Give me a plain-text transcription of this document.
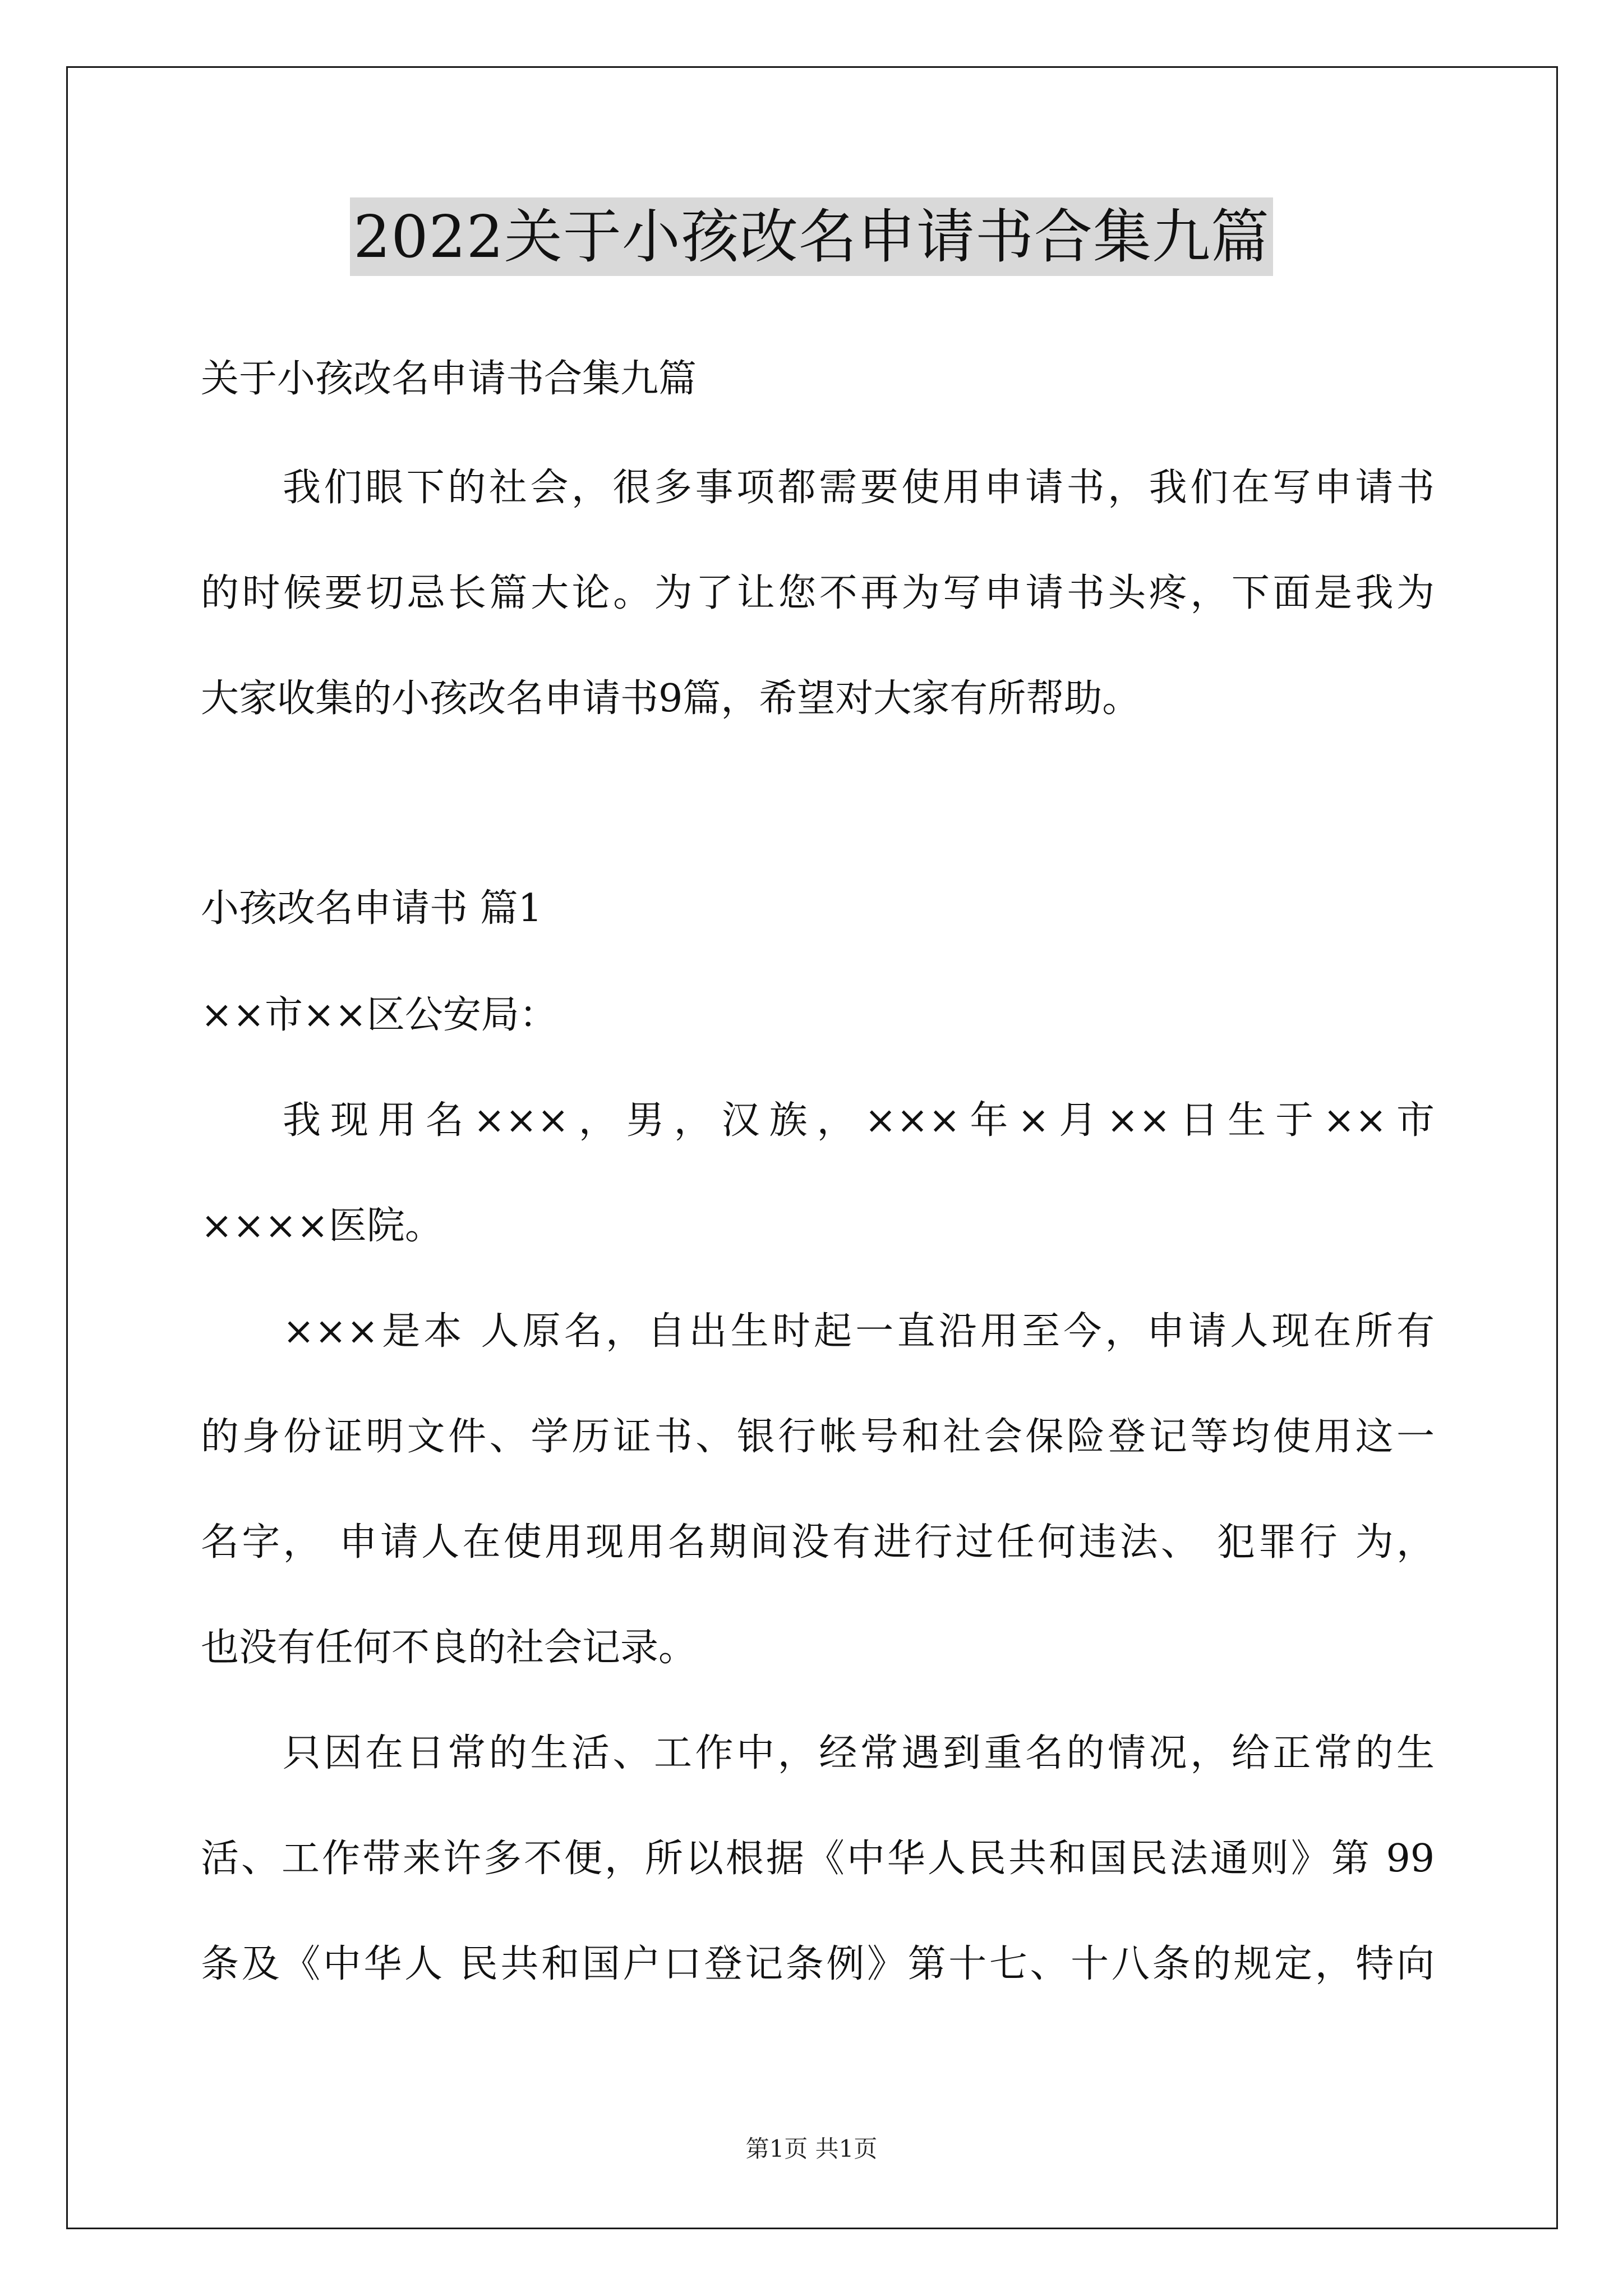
2022关于小孩改名申请书合集九篇
关于小孩改名申请书合集九篇
我们眼下的社会，很多事项都需要使用申请书，我们在写申请书
的时候要切忌长篇大论。为了让您不再为写申请书头疼，下面是我为
大家收集的小孩改名申请书9篇，希望对大家有所帮助。
小孩改名申请书 篇1
××市××区公安局：
我现用名×××，男，汉族，×××年×月××日生于××市
××××医院。
×××是本 人原名，自出生时起一直沿用至今，申请人现在所有
的身份证明文件、学历证书、银行帐号和社会保险登记等均使用这一
名字， 申请人在使用现用名期间没有进行过任何违法、 犯罪行 为，
也没有任何不良的社会记录。
只因在日常的生活、工作中，经常遇到重名的情况，给正常的生
活、工作带来许多不便，所以根据《中华人民共和国民法通则》第 99
条及《中华人 民共和国户口登记条例》第十七、十八条的规定，特向
第1页 共1页
